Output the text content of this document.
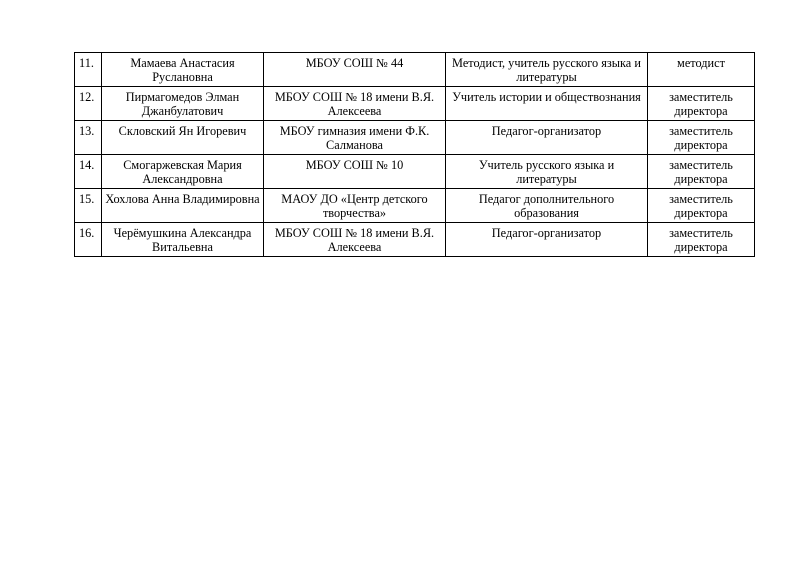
11.	Мамаева Анастасия Руслановна	МБОУ СОШ № 44	Методист, учитель русского языка и литературы	методист
12.	Пирмагомедов Элман Джанбулатович	МБОУ СОШ № 18 имени В.Я. Алексеева	Учитель истории и обществознания	заместитель директора
13.	Скловский Ян Игоревич	МБОУ гимназия имени Ф.К. Салманова	Педагог-организатор	заместитель директора
14.	Смогаржевская Мария Александровна	МБОУ СОШ № 10	Учитель русского языка и литературы	заместитель директора
15.	Хохлова Анна Владимировна	МАОУ ДО «Центр детского творчества»	Педагог дополнительного образования	заместитель директора
16.	Черёмушкина Александра Витальевна	МБОУ СОШ № 18 имени В.Я. Алексеева	Педагог-организатор	заместитель директора
